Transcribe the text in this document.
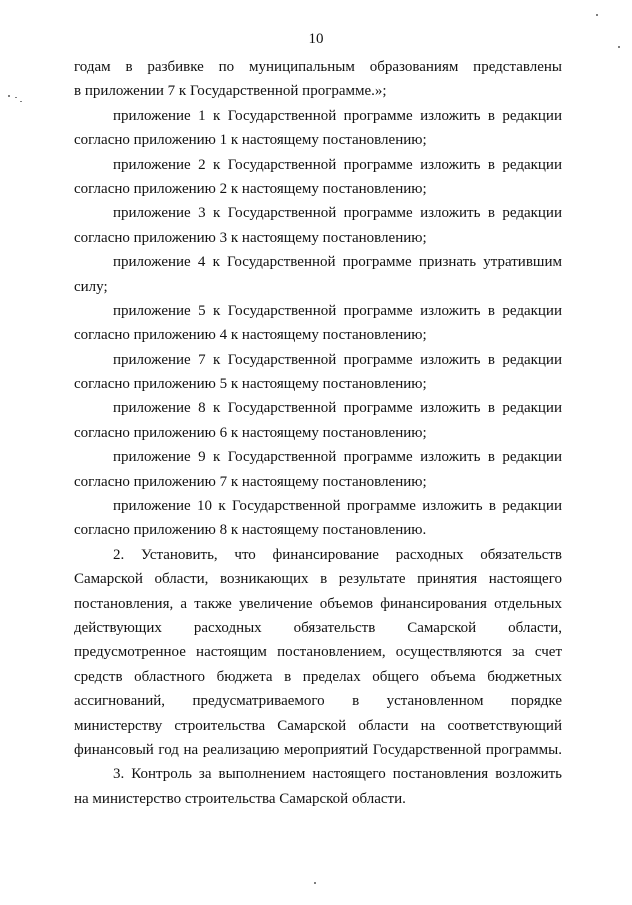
10
годам в разбивке по муниципальным образованиям представлены
в приложении 7 к Государственной программе.»;
приложение 1 к Государственной программе изложить в редакции
согласно приложению 1 к настоящему постановлению;
приложение 2 к Государственной программе изложить в редакции
согласно приложению 2 к настоящему постановлению;
приложение 3 к Государственной программе изложить в редакции
согласно приложению 3 к настоящему постановлению;
приложение 4 к Государственной программе признать утратившим
силу;
приложение 5 к Государственной программе изложить в редакции
согласно приложению 4 к настоящему постановлению;
приложение 7 к Государственной программе изложить в редакции
согласно приложению 5 к настоящему постановлению;
приложение 8 к Государственной программе изложить в редакции
согласно приложению 6 к настоящему постановлению;
приложение 9 к Государственной программе изложить в редакции
согласно приложению 7 к настоящему постановлению;
приложение 10 к Государственной программе изложить в редакции
согласно приложению 8 к настоящему постановлению.
2. Установить, что финансирование расходных обязательств
Самарской области, возникающих в результате принятия настоящего
постановления, а также увеличение объемов финансирования отдельных
действующих расходных обязательств Самарской области,
предусмотренное настоящим постановлением, осуществляются за счет
средств областного бюджета в пределах общего объема бюджетных
ассигнований, предусматриваемого в установленном порядке
министерству строительства Самарской области на соответствующий
финансовый год на реализацию мероприятий Государственной программы.
3. Контроль за выполнением настоящего постановления возложить
на министерство строительства Самарской области.
